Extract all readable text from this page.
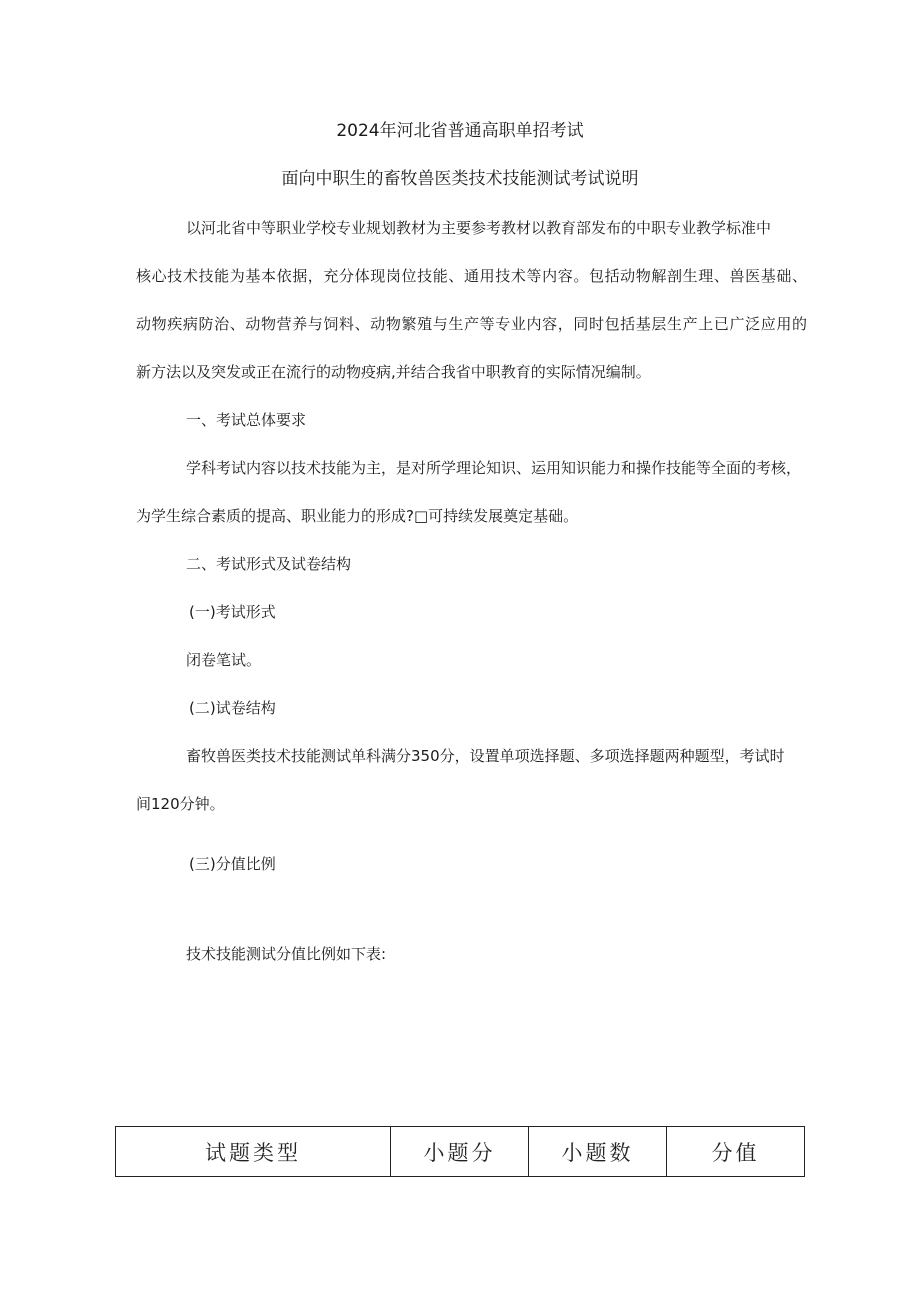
2024年河北省普通高职单招考试

面向中职生的畜牧兽医类技术技能测试考试说明

以河北省中等职业学校专业规划教材为主要参考教材以教育部发布的中职专业教学标准中

核心技术技能为基本依据，充分体现岗位技能、通用技术等内容。包括动物解剖生理、兽医基础、

动物疾病防治、动物营养与饲料、动物繁殖与生产等专业内容，同时包括基层生产上已广泛应用的

新方法以及突发或正在流行的动物疫病,并结合我省中职教育的实际情况编制。

一、考试总体要求

学科考试内容以技术技能为主，是对所学理论知识、运用知识能力和操作技能等全面的考核，

为学生综合素质的提高、职业能力的形成?□可持续发展奠定基础。

二、考试形式及试卷结构

(一)考试形式

闭卷笔试。

(二)试卷结构

畜牧兽医类技术技能测试单科满分350分，设置单项选择题、多项选择题两种题型，考试时

间120分钟。

(三)分值比例

技术技能测试分值比例如下表:

试题类型	小题分	小题数	分值
